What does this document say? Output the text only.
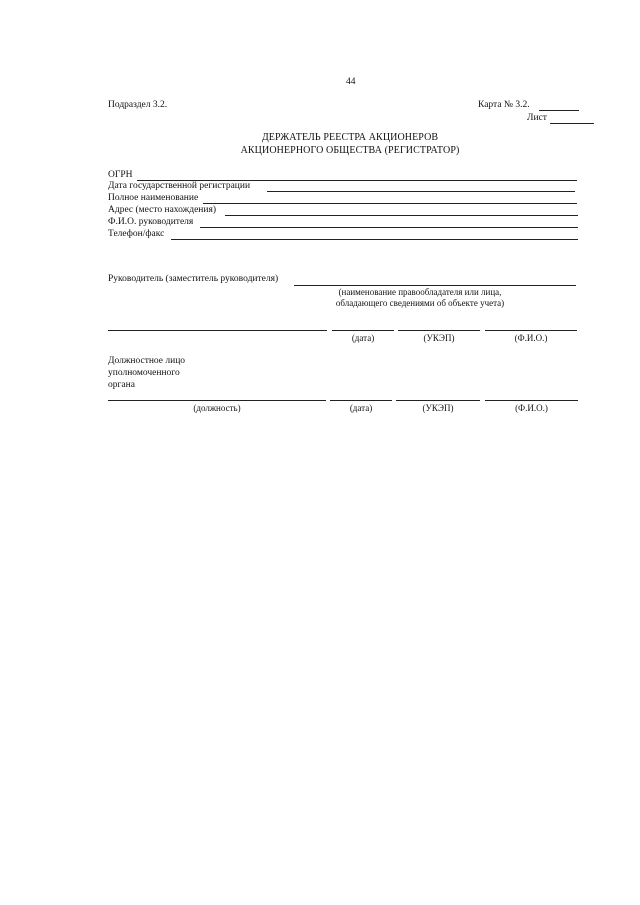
44
Подраздел 3.2.	Карта № 3.2.
Лист
ДЕРЖАТЕЛЬ РЕЕСТРА АКЦИОНЕРОВ
АКЦИОНЕРНОГО ОБЩЕСТВА (РЕГИСТРАТОР)
ОГРН
Дата государственной регистрации
Полное наименование
Адрес (место нахождения)
Ф.И.О. руководителя
Телефон/факс
Руководитель (заместитель руководителя)
(наименование правообладателя или лица,
обладающего сведениями об объекте учета)
(дата)	(УКЭП)	(Ф.И.О.)
Должностное лицо
уполномоченного
органа
(должность)	(дата)	(УКЭП)	(Ф.И.О.)
